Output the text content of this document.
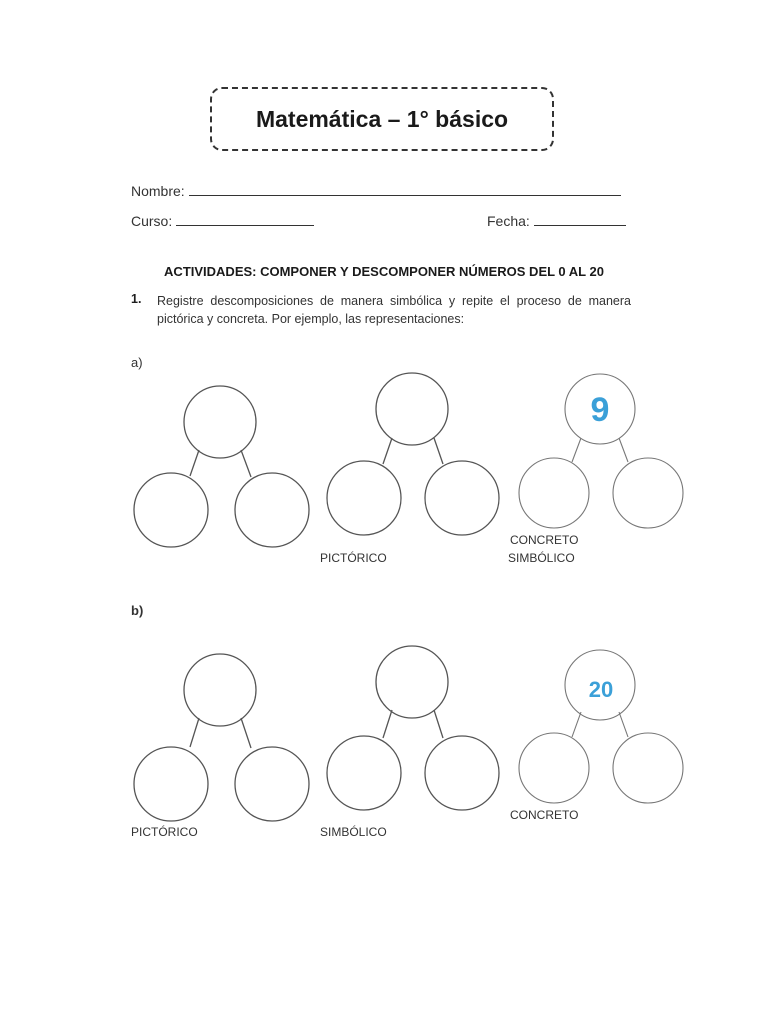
Matemática – 1° básico
Nombre:
Curso:	Fecha:
ACTIVIDADES: COMPONER Y DESCOMPONER NÚMEROS DEL 0 AL 20
1. Registre descomposiciones de manera simbólica y repite el proceso de manera pictórica y concreta. Por ejemplo, las representaciones:
a)
b)
9
20
PICTÓRICO
CONCRETO
SIMBÓLICO
PICTÓRICO	SIMBÓLICO
CONCRETO
